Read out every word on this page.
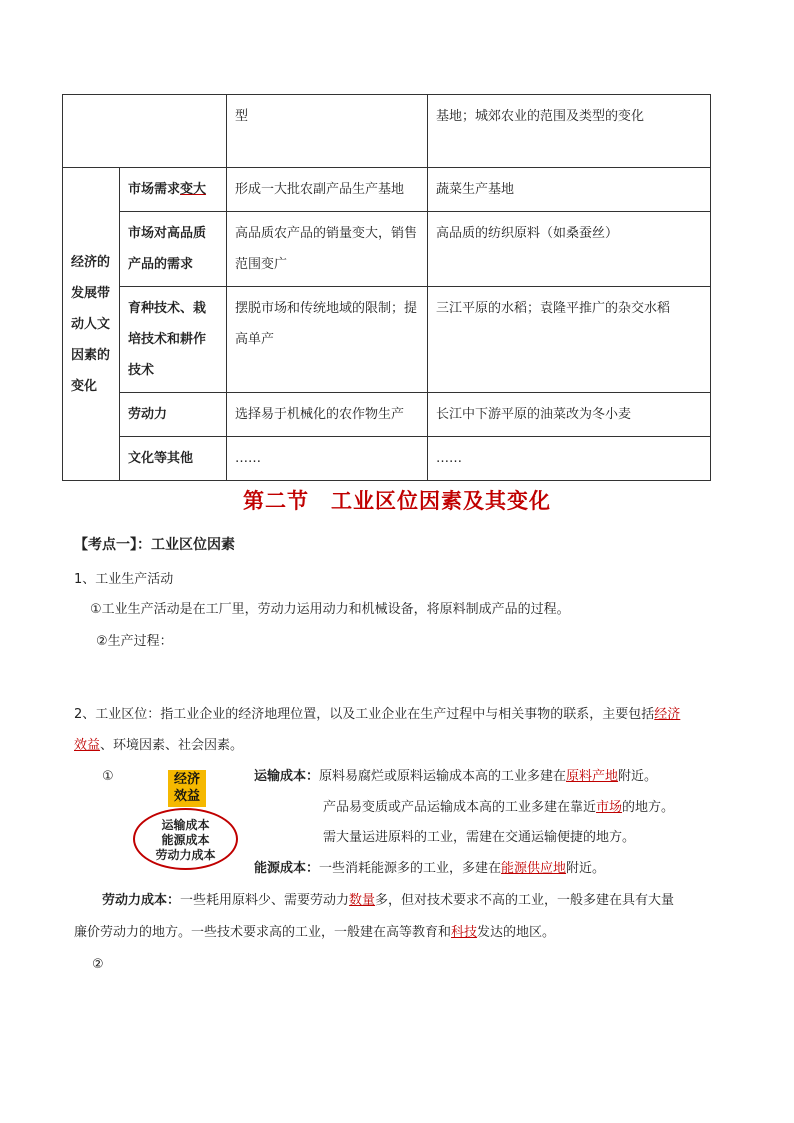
		型	基地；城郊农业的范围及类型的变化
经济的发展带动人文因素的变化	市场需求变大	形成一大批农副产品生产基地	蔬菜生产基地
	市场对高品质产品的需求	高品质农产品的销量变大，销售范围变广	高品质的纺织原料（如桑蚕丝）
	育种技术、栽培技术和耕作技术	摆脱市场和传统地域的限制；提高单产	三江平原的水稻；袁隆平推广的杂交水稻
	劳动力	选择易于机械化的农作物生产	长江中下游平原的油菜改为冬小麦
	文化等其他	……	……
第二节　工业区位因素及其变化
【考点一】：工业区位因素
1、工业生产活动
①工业生产活动是在工厂里，劳动力运用动力和机械设备，将原料制成产品的过程。
②生产过程：
2、工业区位：指工业企业的经济地理位置，以及工业企业在生产过程中与相关事物的联系，主要包括经济
效益、环境因素、社会因素。
①	经济效益
运输成本
能源成本
劳动力成本
运输成本：原料易腐烂或原料运输成本高的工业多建在原料产地附近。
产品易变质或产品运输成本高的工业多建在靠近市场的地方。
需大量运进原料的工业，需建在交通运输便捷的地方。
能源成本：一些消耗能源多的工业，多建在能源供应地附近。
劳动力成本：一些耗用原料少、需要劳动力数量多，但对技术要求不高的工业，一般多建在具有大量
廉价劳动力的地方。一些技术要求高的工业，一般建在高等教育和科技发达的地区。
②
